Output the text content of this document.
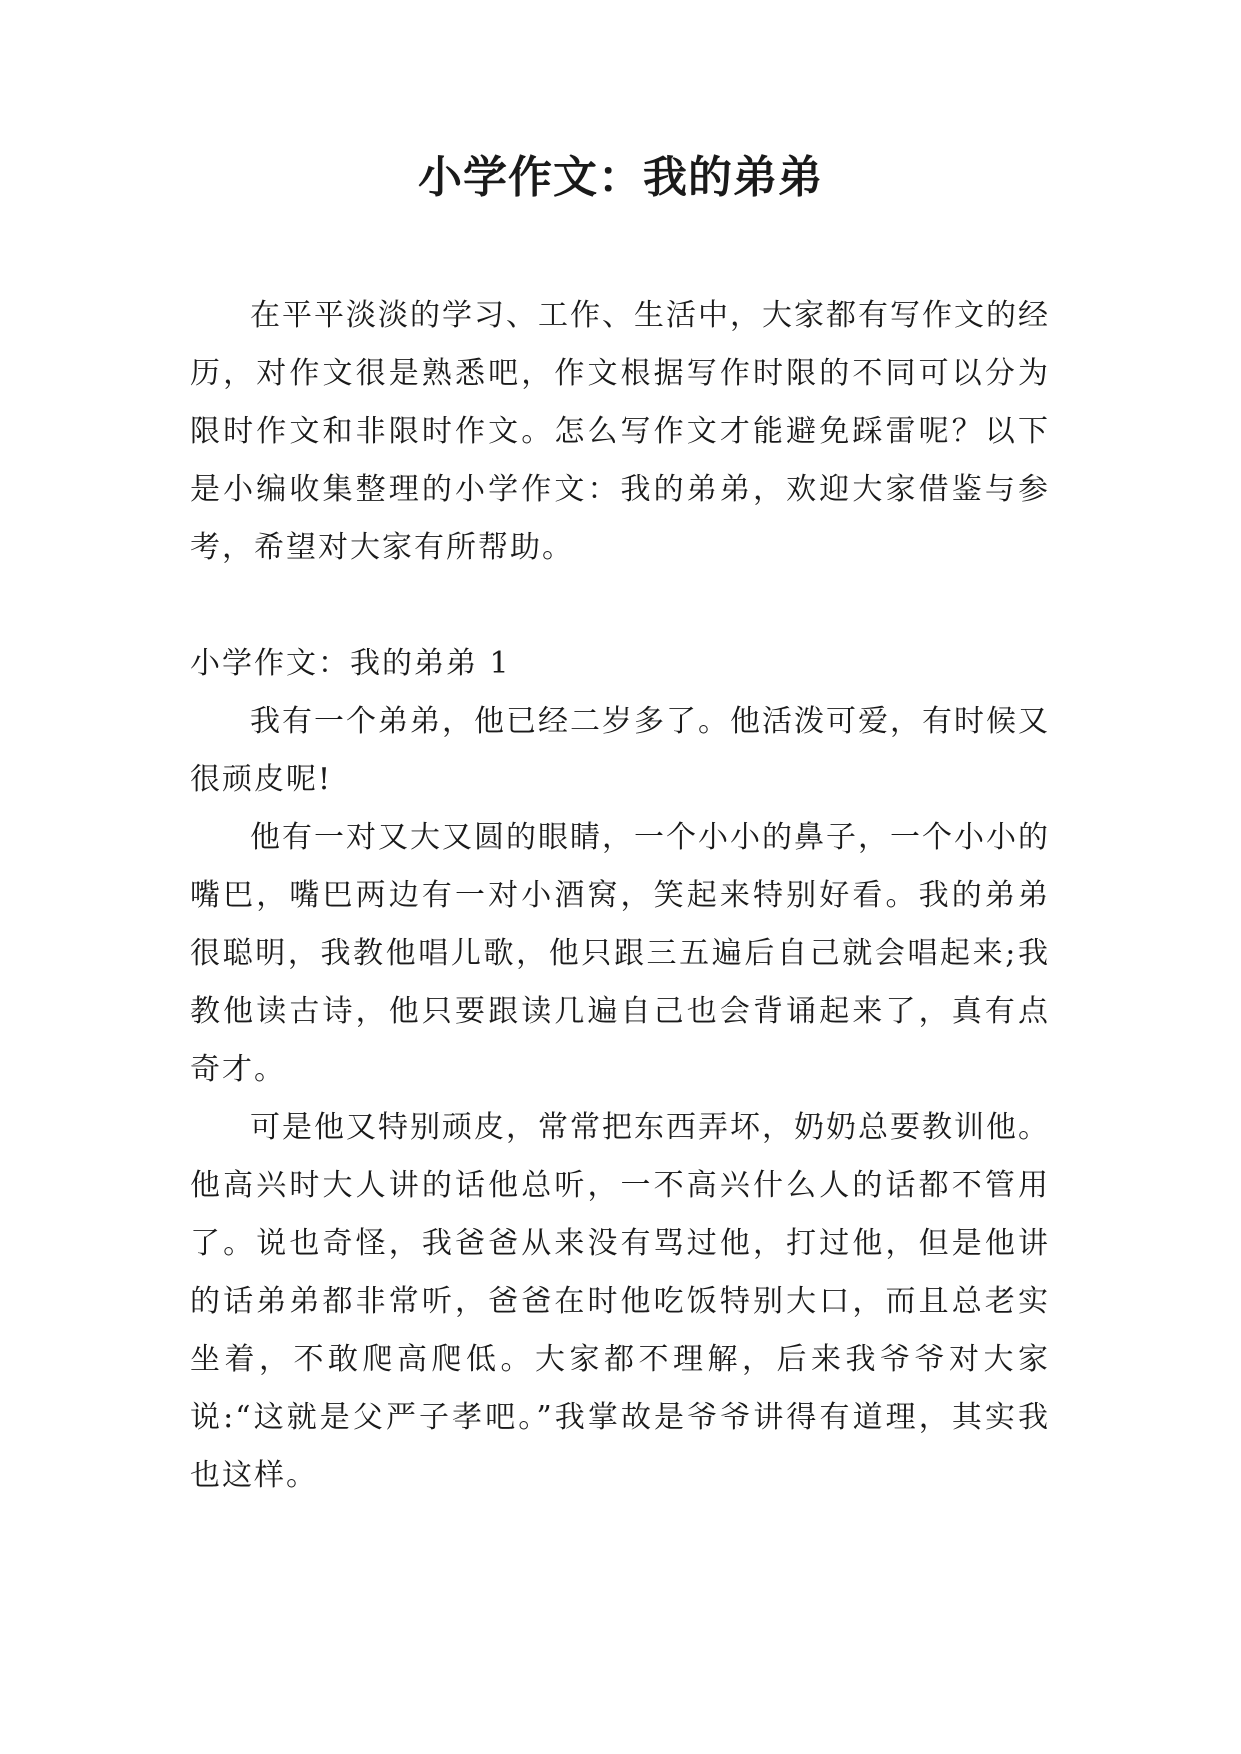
小学作文：我的弟弟

在平平淡淡的学习、工作、生活中，大家都有写作文的经历，对作文很是熟悉吧，作文根据写作时限的不同可以分为限时作文和非限时作文。怎么写作文才能避免踩雷呢？以下是小编收集整理的小学作文：我的弟弟，欢迎大家借鉴与参考，希望对大家有所帮助。

小学作文：我的弟弟 1

我有一个弟弟，他已经二岁多了。他活泼可爱，有时候又很顽皮呢!

他有一对又大又圆的眼睛，一个小小的鼻子，一个小小的嘴巴，嘴巴两边有一对小酒窝，笑起来特别好看。我的弟弟很聪明，我教他唱儿歌，他只跟三五遍后自己就会唱起来;我教他读古诗，他只要跟读几遍自己也会背诵起来了，真有点奇才。

可是他又特别顽皮，常常把东西弄坏，奶奶总要教训他。他高兴时大人讲的话他总听，一不高兴什么人的话都不管用了。说也奇怪，我爸爸从来没有骂过他，打过他，但是他讲的话弟弟都非常听，爸爸在时他吃饭特别大口，而且总老实坐着，不敢爬高爬低。大家都不理解，后来我爷爷对大家说:“这就是父严子孝吧。”我掌故是爷爷讲得有道理，其实我也这样。
